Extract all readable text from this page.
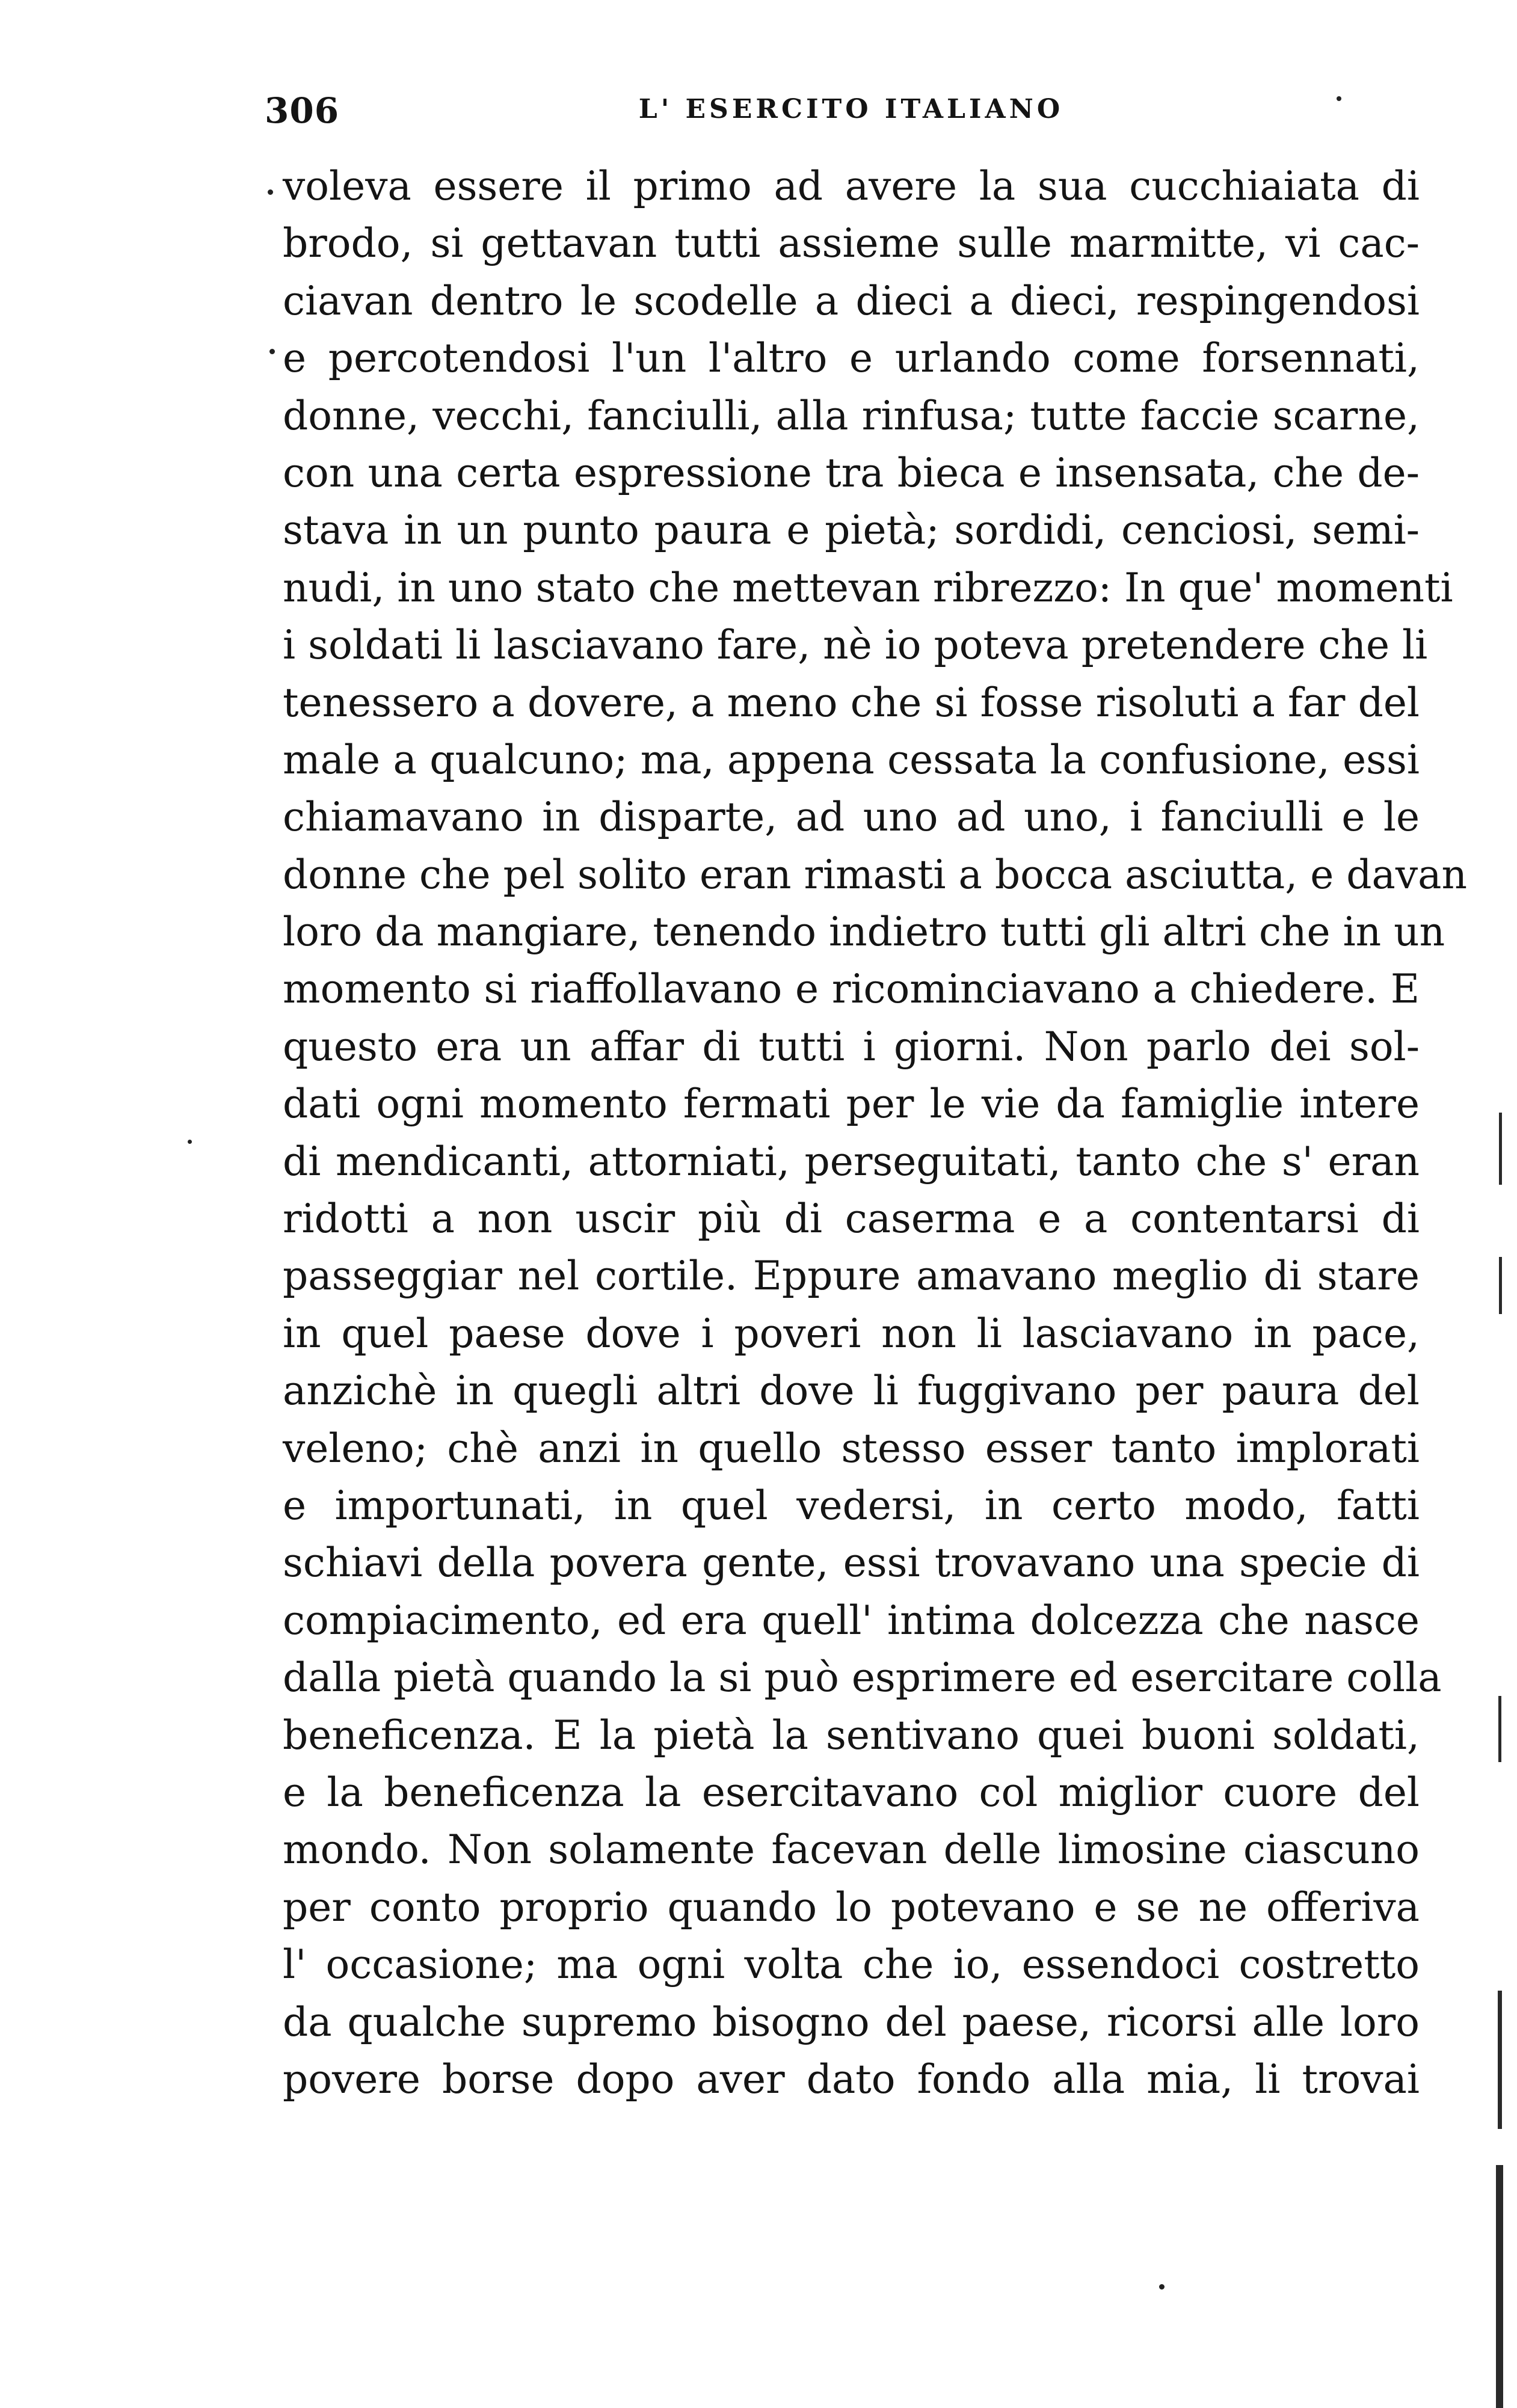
306	L' ESERCITO ITALIANO
voleva essere il primo ad avere la sua cucchiaiata di
brodo, si gettavan tutti assieme sulle marmitte, vi cac-
ciavan dentro le scodelle a dieci a dieci, respingendosi
e percotendosi l'un l'altro e urlando come forsennati,
donne, vecchi, fanciulli, alla rinfusa; tutte faccie scarne,
con una certa espressione tra bieca e insensata, che de-
stava in un punto paura e pietà; sordidi, cenciosi, semi-
nudi, in uno stato che mettevan ribrezzo: In que' momenti
i soldati li lasciavano fare, nè io poteva pretendere che li
tenessero a dovere, a meno che si fosse risoluti a far del
male a qualcuno; ma, appena cessata la confusione, essi
chiamavano in disparte, ad uno ad uno, i fanciulli e le
donne che pel solito eran rimasti a bocca asciutta, e davan
loro da mangiare, tenendo indietro tutti gli altri che in un
momento si riaffollavano e ricominciavano a chiedere. E
questo era un affar di tutti i giorni. Non parlo dei sol-
dati ogni momento fermati per le vie da famiglie intere
di mendicanti, attorniati, perseguitati, tanto che s' eran
ridotti a non uscir più di caserma e a contentarsi di
passeggiar nel cortile. Eppure amavano meglio di stare
in quel paese dove i poveri non li lasciavano in pace,
anzichè in quegli altri dove li fuggivano per paura del
veleno; chè anzi in quello stesso esser tanto implorati
e importunati, in quel vedersi, in certo modo, fatti
schiavi della povera gente, essi trovavano una specie di
compiacimento, ed era quell' intima dolcezza che nasce
dalla pietà quando la si può esprimere ed esercitare colla
beneficenza. E la pietà la sentivano quei buoni soldati,
e la beneficenza la esercitavano col miglior cuore del
mondo. Non solamente facevan delle limosine ciascuno
per conto proprio quando lo potevano e se ne offeriva
l' occasione; ma ogni volta che io, essendoci costretto
da qualche supremo bisogno del paese, ricorsi alle loro
povere borse dopo aver dato fondo alla mia, li trovai
